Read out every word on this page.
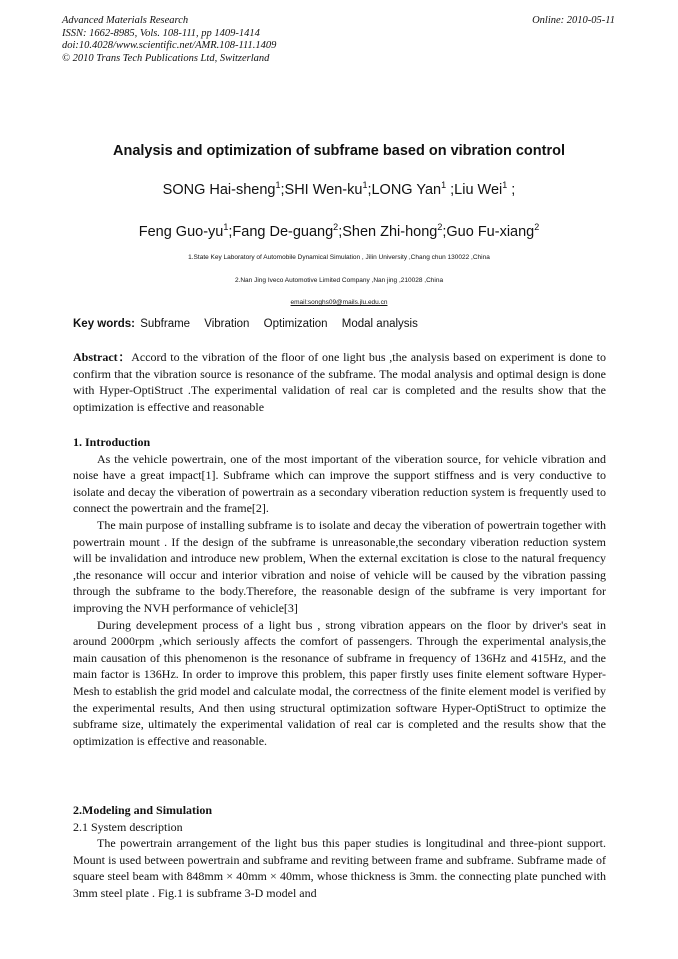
Advanced Materials Research
ISSN: 1662-8985, Vols. 108-111, pp 1409-1414
doi:10.4028/www.scientific.net/AMR.108-111.1409
© 2010 Trans Tech Publications Ltd, Switzerland
Online: 2010-05-11
Analysis and optimization of subframe based on vibration control
SONG Hai-sheng$^1$;SHI Wen-$ku^1;LONG$ Yan$^1$ ;Liu Wei$^1$ ;
Feng Guo-$yu^1;Fang$ De-guang$^2$;Shen Zhi-hong$^2$;Guo Fu-xiang$^2$
1.State Key Laboratory of Automobile Dynamical Simulation , Jilin University ,Chang chun 130022 ,China
2.Nan Jing Iveco Automotive Limited Company ,Nan jing ,210028 ,China
email:songhs09@mails.jlu.edu.cn
Key words: Subframe Vibration Optimization Modal analysis

Abstract：Accord to the vibration of the floor of one light bus ,the analysis based on experiment is done to confirm that the vibration source is resonance of the subframe. The modal analysis and optimal design is done with Hyper-OptiStruct .The experimental validation of real car is completed and the results show that the optimization is effective and reasonable

1. Introduction

As the vehicle powertrain, one of the most important of the viberation source, for vehicle vibration and noise have a great impact[1]. Subframe which can improve the support stiffness and is very conductive to isolate and decay the viberation of powertrain as a secondary viberation reduction system is frequently used to connect the powertrain and the frame[2].

The main purpose of installing subframe is to isolate and decay the viberation of powertrain together with powertrain mount . If the design of the subframe is unreasonable,the secondary viberation reduction system will be invalidation and introduce new problem, When the external excitation is close to the natural frequency ,the resonance will occur and interior vibration and noise of vehicle will be caused by the vibration passing through the subframe to the body.Therefore, the reasonable design of the subframe is very important for improving the NVH performance of vehicle[3]

During develepment process of a light bus , strong vibration appears on the floor by driver's seat in around 2000rpm ,which seriously affects the comfort of passengers. Through the experimental analysis,the main causation of this phenomenon is the resonance of subframe in frequency of 136Hz and 415Hz, and the main factor is 136Hz. In order to improve this problem, this paper firstly uses finite element software Hyper-Mesh to establish the grid model and calculate modal, the correctness of the finite element model is verified by the experimental results, And then using structural optimization software Hyper-OptiStruct to optimize the subframe size, ultimately the experimental validation of real car is completed and the results show that the optimization is effective and reasonable.

2.Modeling and Simulation

2.1 System description

The powertrain arrangement of the light bus this paper studies is longitudinal and three-piont support. Mount is used between powertrain and subframe and reviting between frame and subframe. Subframe made of square steel beam with 848mm × 40mm × 40mm, whose thickness is 3mm. the connecting plate punched with 3mm steel plate . Fig.1 is subframe 3-D model and
